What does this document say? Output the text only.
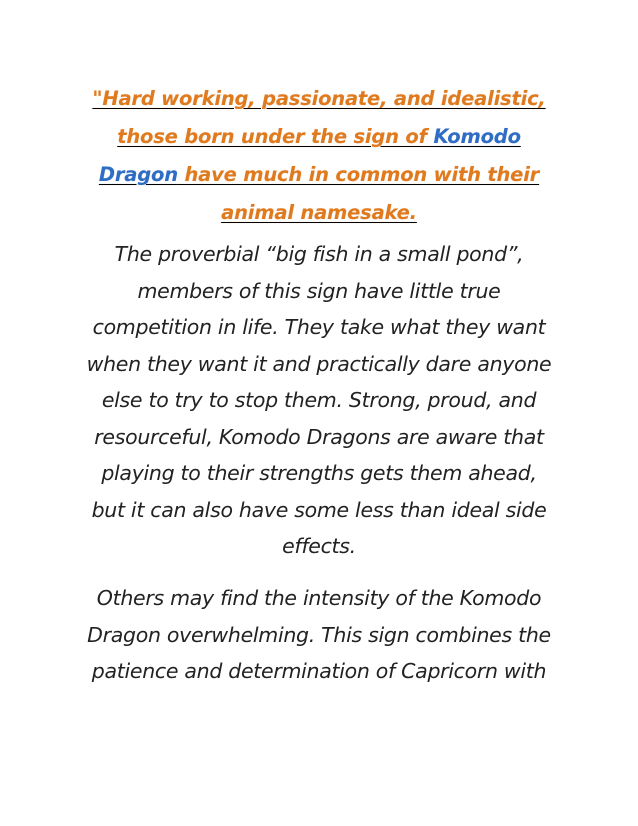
"Hard working, passionate, and idealistic, those born under the sign of Komodo Dragon have much in common with their animal namesake.

The proverbial “big fish in a small pond”, members of this sign have little true competition in life. They take what they want when they want it and practically dare anyone else to try to stop them. Strong, proud, and resourceful, Komodo Dragons are aware that playing to their strengths gets them ahead, but it can also have some less than ideal side effects.

Others may find the intensity of the Komodo Dragon overwhelming. This sign combines the patience and determination of Capricorn with
